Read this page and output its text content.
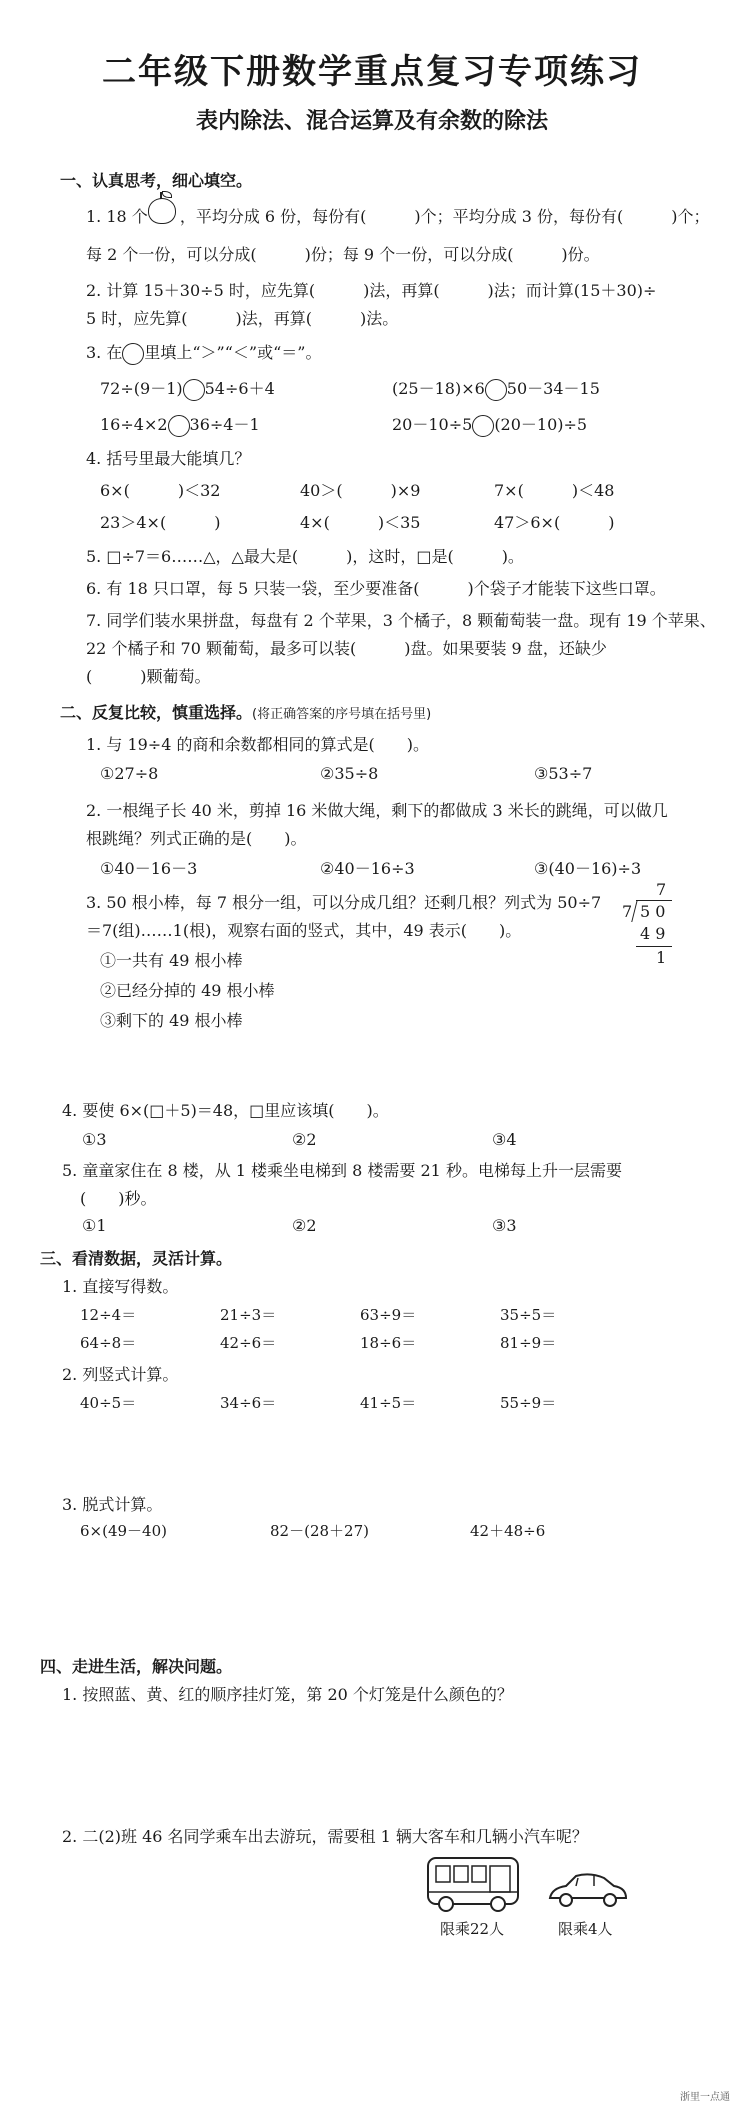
二年级下册数学重点复习专项练习
表内除法、混合运算及有余数的除法
一、认真思考，细心填空。
1. 18 个 ，平均分成 6 份，每份有(　　　)个；平均分成 3 份，每份有(　　　)个；
每 2 个一份，可以分成(　　　)份；每 9 个一份，可以分成(　　　)份。
2. 计算 15＋30÷5 时，应先算(　　　)法，再算(　　　)法；而计算(15＋30)÷
5 时，应先算(　　　)法，再算(　　　)法。
3. 在 里填上“＞”“＜”或“＝”。
72÷(9－1) 54÷6＋4	(25－18)×6 50－34－15
16÷4×2 36÷4－1	20－10÷5 (20－10)÷5
4. 括号里最大能填几？
6×(　　　)＜32	40＞(　　　)×9	7×(　　　)＜48
23＞4×(　　　)	4×(　　　)＜35	47＞6×(　　　)
5. □÷7＝6……△，△最大是(　　　)，这时，□是(　　　)。
6. 有 18 只口罩，每 5 只装一袋，至少要准备(　　　)个袋子才能装下这些口罩。
7. 同学们装水果拼盘，每盘有 2 个苹果，3 个橘子，8 颗葡萄装一盘。现有 19 个苹果、
22 个橘子和 70 颗葡萄，最多可以装(　　　)盘。如果要装 9 盘，还缺少
(　　　)颗葡萄。
二、反复比较，慎重选择。(将正确答案的序号填在括号里)
1. 与 19÷4 的商和余数都相同的算式是(　　)。
①27÷8	②35÷8	③53÷7
2. 一根绳子长 40 米，剪掉 16 米做大绳，剩下的都做成 3 米长的跳绳，可以做几
根跳绳？列式正确的是(　　)。
①40－16－3	②40－16÷3	③(40－16)÷3
3. 50 根小棒，每 7 根分一组，可以分成几组？还剩几根？列式为 50÷7
＝7(组)……1(根)，观察右面的竖式，其中，49 表示(　　)。
①一共有 49 根小棒
②已经分掉的 49 根小棒
③剩下的 49 根小棒
7
7 5 0
4 9
1
4. 要使 6×(□＋5)＝48，□里应该填(　　)。
①3	②2	③4
5. 童童家住在 8 楼，从 1 楼乘坐电梯到 8 楼需要 21 秒。电梯每上升一层需要
(　　)秒。
①1	②2	③3
三、看清数据，灵活计算。
1. 直接写得数。
12÷4＝	21÷3＝	63÷9＝	35÷5＝
64÷8＝	42÷6＝	18÷6＝	81÷9＝
2. 列竖式计算。
40÷5＝	34÷6＝	41÷5＝	55÷9＝
3. 脱式计算。
6×(49－40)	82－(28＋27)	42＋48÷6
四、走进生活，解决问题。
1. 按照蓝、黄、红的顺序挂灯笼，第 20 个灯笼是什么颜色的？
2. 二(2)班 46 名同学乘车出去游玩，需要租 1 辆大客车和几辆小汽车呢？
限乘22人	限乘4人
浙里一点通
